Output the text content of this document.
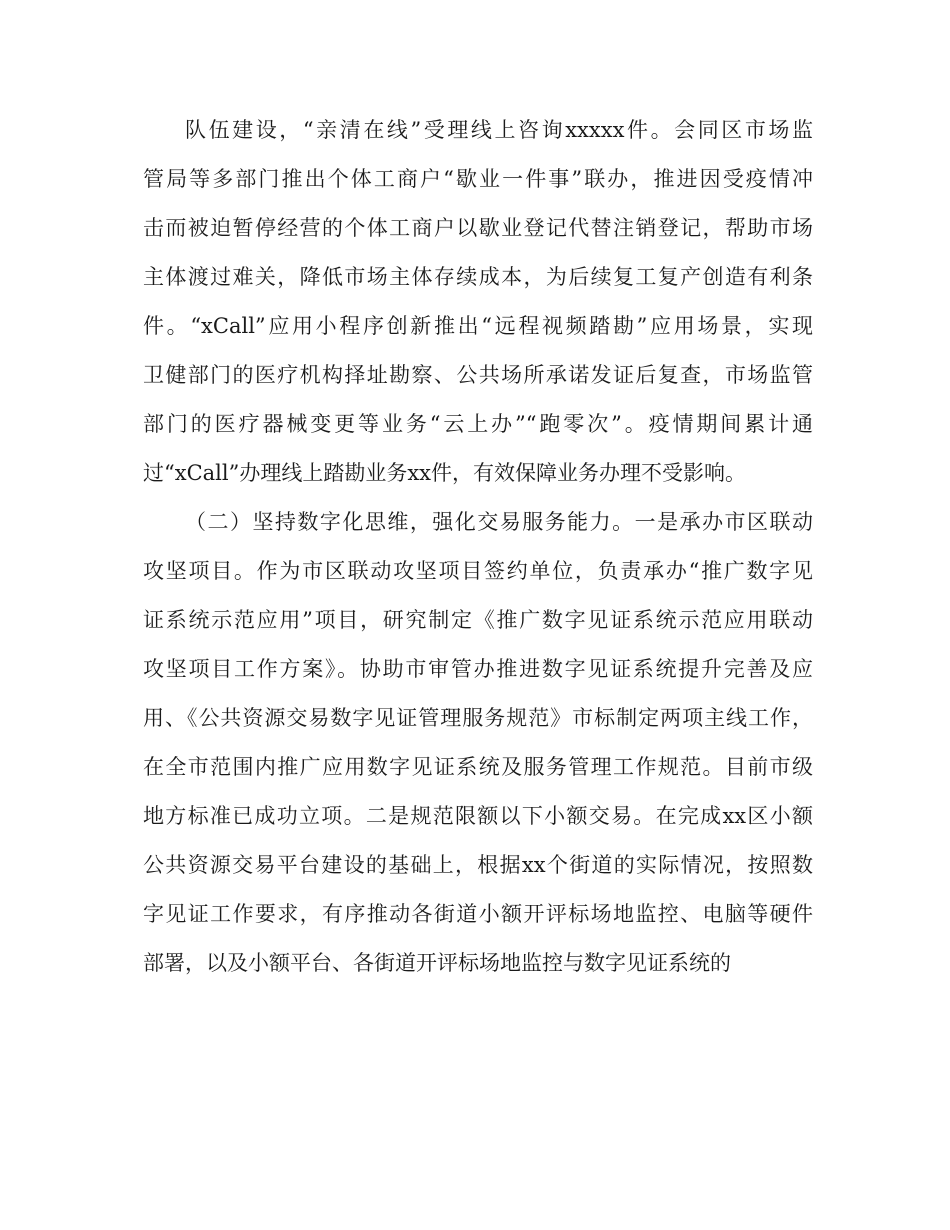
队伍建设，“亲清在线”受理线上咨询xxxxx件。会同区市场监
管局等多部门推出个体工商户“歇业一件事”联办，推进因受疫情冲
击而被迫暂停经营的个体工商户以歇业登记代替注销登记，帮助市场
主体渡过难关，降低市场主体存续成本，为后续复工复产创造有利条
件。“xCall”应用小程序创新推出“远程视频踏勘”应用场景，实现
卫健部门的医疗机构择址勘察、公共场所承诺发证后复查，市场监管
部门的医疗器械变更等业务“云上办”“跑零次”。疫情期间累计通
过“xCall”办理线上踏勘业务xx件，有效保障业务办理不受影响。
（二）坚持数字化思维，强化交易服务能力。一是承办市区联动
攻坚项目。作为市区联动攻坚项目签约单位，负责承办“推广数字见
证系统示范应用”项目，研究制定《推广数字见证系统示范应用联动
攻坚项目工作方案》。协助市审管办推进数字见证系统提升完善及应
用、《公共资源交易数字见证管理服务规范》市标制定两项主线工作，
在全市范围内推广应用数字见证系统及服务管理工作规范。目前市级
地方标准已成功立项。二是规范限额以下小额交易。在完成xx区小额
公共资源交易平台建设的基础上，根据xx个街道的实际情况，按照数
字见证工作要求，有序推动各街道小额开评标场地监控、电脑等硬件
部署，以及小额平台、各街道开评标场地监控与数字见证系统的
